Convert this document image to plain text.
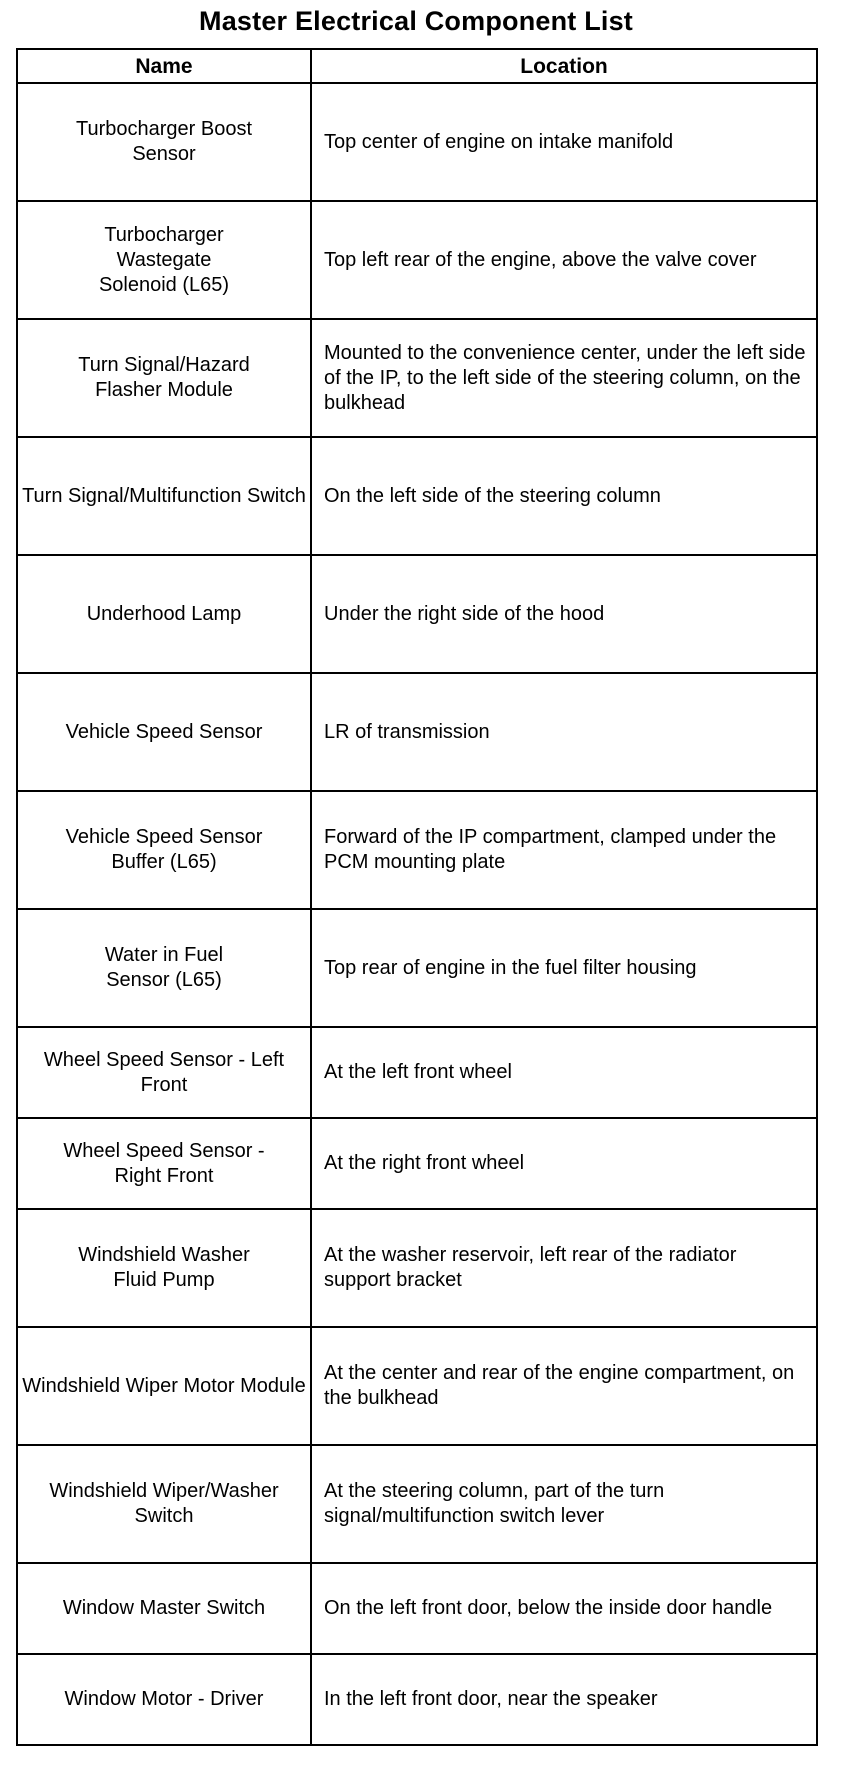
Master Electrical Component List
Name	Location
Turbocharger Boost Sensor	Top center of engine on intake manifold
Turbocharger Wastegate Solenoid (L65)	Top left rear of the engine, above the valve cover
Turn Signal/Hazard Flasher Module	Mounted to the convenience center, under the left side of the IP, to the left side of the steering column, on the bulkhead
Turn Signal/Multifunction Switch	On the left side of the steering column
Underhood Lamp	Under the right side of the hood
Vehicle Speed Sensor	LR of transmission
Vehicle Speed Sensor Buffer (L65)	Forward of the IP compartment, clamped under the PCM mounting plate
Water in Fuel Sensor (L65)	Top rear of engine in the fuel filter housing
Wheel Speed Sensor - Left Front	At the left front wheel
Wheel Speed Sensor - Right Front	At the right front wheel
Windshield Washer Fluid Pump	At the washer reservoir, left rear of the radiator support bracket
Windshield Wiper Motor Module	At the center and rear of the engine compartment, on the bulkhead
Windshield Wiper/Washer Switch	At the steering column, part of the turn signal/multifunction switch lever
Window Master Switch	On the left front door, below the inside door handle
Window Motor - Driver	In the left front door, near the speaker
